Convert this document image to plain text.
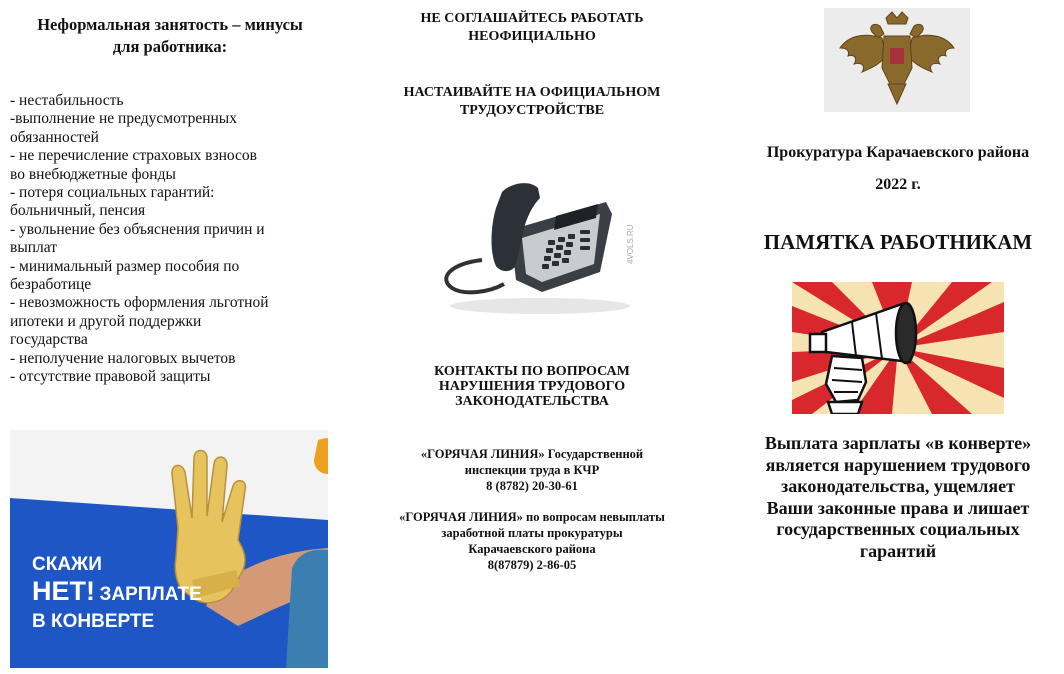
Неформальная занятость – минусы
для работника:
- нестабильность
-выполнение не предусмотренных
обязанностей
- не перечисление страховых взносов
во внебюджетные фонды
- потеря социальных гарантий:
больничный, пенсия
- увольнение без объяснения причин и
выплат
- минимальный размер пособия по
безработице
- невозможность оформления льготной
ипотеки и другой поддержки
государства
- неполучение налоговых вычетов
- отсутствие правовой защиты
СКАЖИ
НЕТ! ЗАРПЛАТЕ
В КОНВЕРТЕ
НЕ СОГЛАШАЙТЕСЬ РАБОТАТЬ
НЕОФИЦИАЛЬНО
НАСТАИВАЙТЕ НА ОФИЦИАЛЬНОМ
ТРУДОУСТРОЙСТВЕ
4VOLS.RU
КОНТАКТЫ ПО ВОПРОСАМ
НАРУШЕНИЯ ТРУДОВОГО
ЗАКОНОДАТЕЛЬСТВА
«ГОРЯЧАЯ ЛИНИЯ» Государственной
инспекции труда в КЧР
8 (8782) 20-30-61
«ГОРЯЧАЯ ЛИНИЯ» по вопросам невыплаты
заработной платы прокуратуры
Карачаевского района
8(87879) 2-86-05
Прокуратура Карачаевского района
2022 г.
ПАМЯТКА РАБОТНИКАМ
Выплата зарплаты «в конверте»
является нарушением трудового
законодательства, ущемляет
Ваши законные права и лишает
государственных социальных
гарантий
